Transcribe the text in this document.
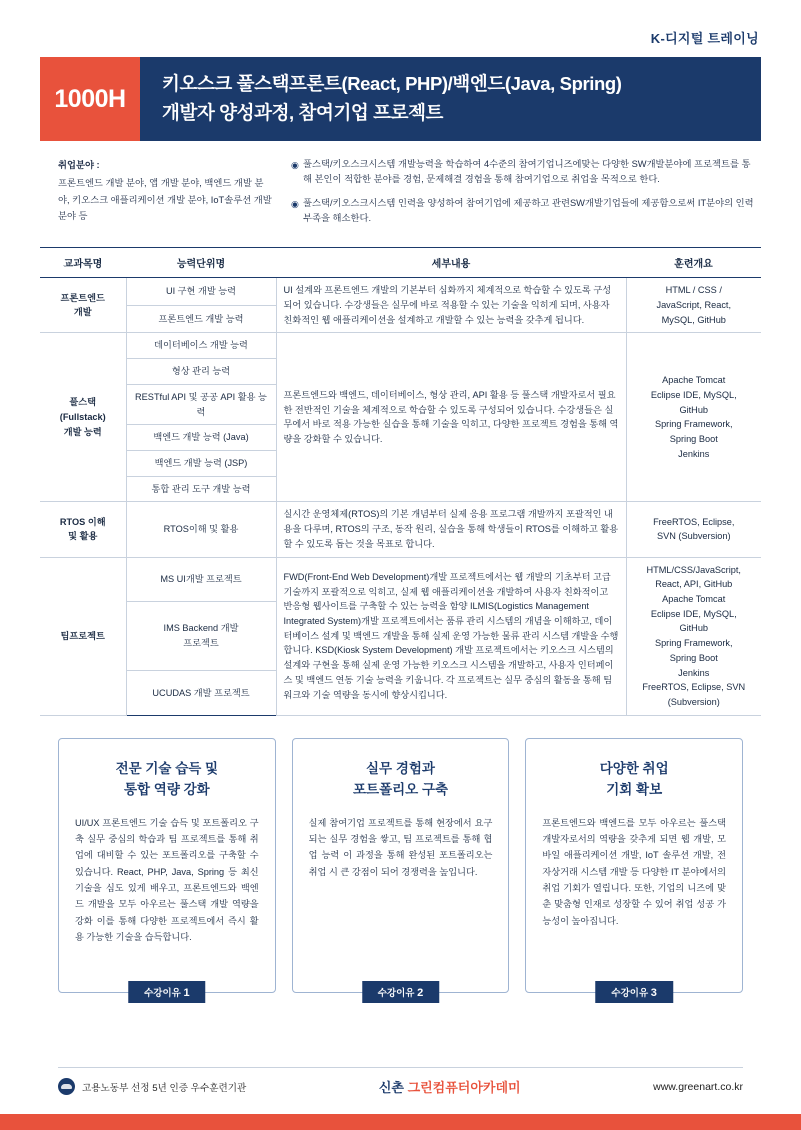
K-디지털 트레이닝
1000H
키오스크 풀스택프론트(React, PHP)/백엔드(Java, Spring)
개발자 양성과정, 참여기업 프로젝트
취업분야 :
프론트엔드 개발 분야, 앱 개발 분야, 백엔드 개발 분야, 키오스크 애플리케이션 개발 분야, IoT솔루션 개발 분야 등
◉ 풀스택/키오스크시스템 개발능력을 학습하여 4수준의 참여기업니즈에맞는 다양한 SW개발분야에 프로젝트를 통해 본인이 적합한 분야를 경험, 문제해결 경험을 통해 참여기업으로 취업을 목적으로 한다.
◉ 풀스택/키오스크시스템 인력을 양성하여 참여기업에 제공하고 관련SW개발기업들에 제공함으로써 IT분야의 인력 부족을 해소한다.
교과목명	능력단위명	세부내용	훈련개요
프론트엔드
개발	UI 구현 개발 능력	UI 설계와 프론트엔드 개발의 기본부터 심화까지 체계적으로 학습할 수 있도록 구성되어 있습니다. 수강생들은 실무에 바로 적용할 수 있는 기술을 익히게 되며, 사용자 친화적인 웹 애플리케이션을 설계하고 개발할 수 있는 능력을 갖추게 됩니다.	HTML / CSS /
JavaScript, React,
MySQL, GitHub
	프론트엔드 개발 능력		
풀스택
(Fullstack)
개발 능력	데이터베이스 개발 능력	프론트엔드와 백엔드, 데이터베이스, 형상 관리, API 활용 등 풀스택 개발자로서 필요한 전반적인 기술을 체계적으로 학습할 수 있도록 구성되어 있습니다. 수강생들은 실무에서 바로 적용 가능한 실습을 통해 기술을 익히고, 다양한 프로젝트 경험을 통해 역량을 강화할 수 있습니다.	Apache Tomcat
Eclipse IDE, MySQL,
GitHub
Spring Framework,
Spring Boot
Jenkins
	형상 관리 능력		
	RESTful API 및 공공 API 활용 능력		
	백엔드 개발 능력 (Java)		
	백엔드 개발 능력 (JSP)		
	통합 관리 도구 개발 능력		
RTOS 이해
및 활용	RTOS이해 및 활용	실시간 운영체제(RTOS)의 기본 개념부터 실제 응용 프로그램 개발까지 포괄적인 내용을 다루며, RTOS의 구조, 동작 원리, 실습을 통해 학생들이 RTOS를 이해하고 활용할 수 있도록 돕는 것을 목표로 합니다.	FreeRTOS, Eclipse,
SVN (Subversion)
팀프로젝트	MS UI개발 프로젝트	FWD(Front-End Web Development)개발 프로젝트에서는 웹 개발의 기초부터 고급 기술까지 포괄적으로 익히고, 실제 웹 애플리케이션을 개발하여 사용자 친화적이고 반응형 웹사이트를 구축할 수 있는 능력을 함양 ILMIS(Logistics Management Integrated System)개발 프로젝트에서는 품류 관리 시스템의 개념을 이해하고, 데이터베이스 설계 및 백엔드 개발을 통해 실제 운영 가능한 물류 관리 시스템 개발을 수행합니다. KSD(Kiosk System Development) 개발 프로젝트에서는 키오스크 시스템의 설계와 구현을 통해 실제 운영 가능한 키오스크 시스템을 개발하고, 사용자 인터페이스 및 백엔드 연동 기술 능력을 키웁니다. 각 프로젝트는 실무 중심의 활동을 통해 팀워크와 기술 역량을 동시에 향상시킵니다.	HTML/CSS/JavaScript,
React, API, GitHub
Apache Tomcat
Eclipse IDE, MySQL,
GitHub
Spring Framework,
Spring Boot
Jenkins
FreeRTOS, Eclipse, SVN
(Subversion)
	IMS Backend 개발
프로젝트		
	UCUDAS 개발 프로젝트		
전문 기술 습득 및
통합 역량 강화

UI/UX 프론트엔드 기술 습득 및 포트폴리오 구축 실무 중심의 학습과 팀 프로젝트를 통해 취업에 대비할 수 있는 포트폴리오를 구축할 수 있습니다. React, PHP, Java, Spring 등 최신 기술을 심도 있게 배우고, 프론트엔드와 백엔드 개발을 모두 아우르는 풀스택 개발 역량을 강화 이를 통해 다양한 프로젝트에서 즉시 활용 가능한 기술을 습득합니다.

수강이유 1
실무 경험과
포트폴리오 구축

실제 참여기업 프로젝트를 통해 현장에서 요구되는 실무 경험을 쌓고, 팀 프로젝트를 통해 협업 능력 이 과정을 통해 완성된 포트폴리오는 취업 시 큰 강점이 되어 경쟁력을 높입니다.

수강이유 2
다양한 취업
기회 확보

프론트엔드와 백엔드를 모두 아우르는 풀스택 개발자로서의 역량을 갖추게 되면 웹 개발, 모바일 애플리케이션 개발, IoT 솔루션 개발, 전자상거래 시스템 개발 등 다양한 IT 분야에서의 취업 기회가 열립니다. 또한, 기업의 니즈에 맞춘 맞춤형 인재로 성장할 수 있어 취업 성공 가능성이 높아집니다.

수강이유 3
고용노동부 선정 5년 인증 우수훈련기관	신촌 그린컴퓨터아카데미	www.greenart.co.kr
